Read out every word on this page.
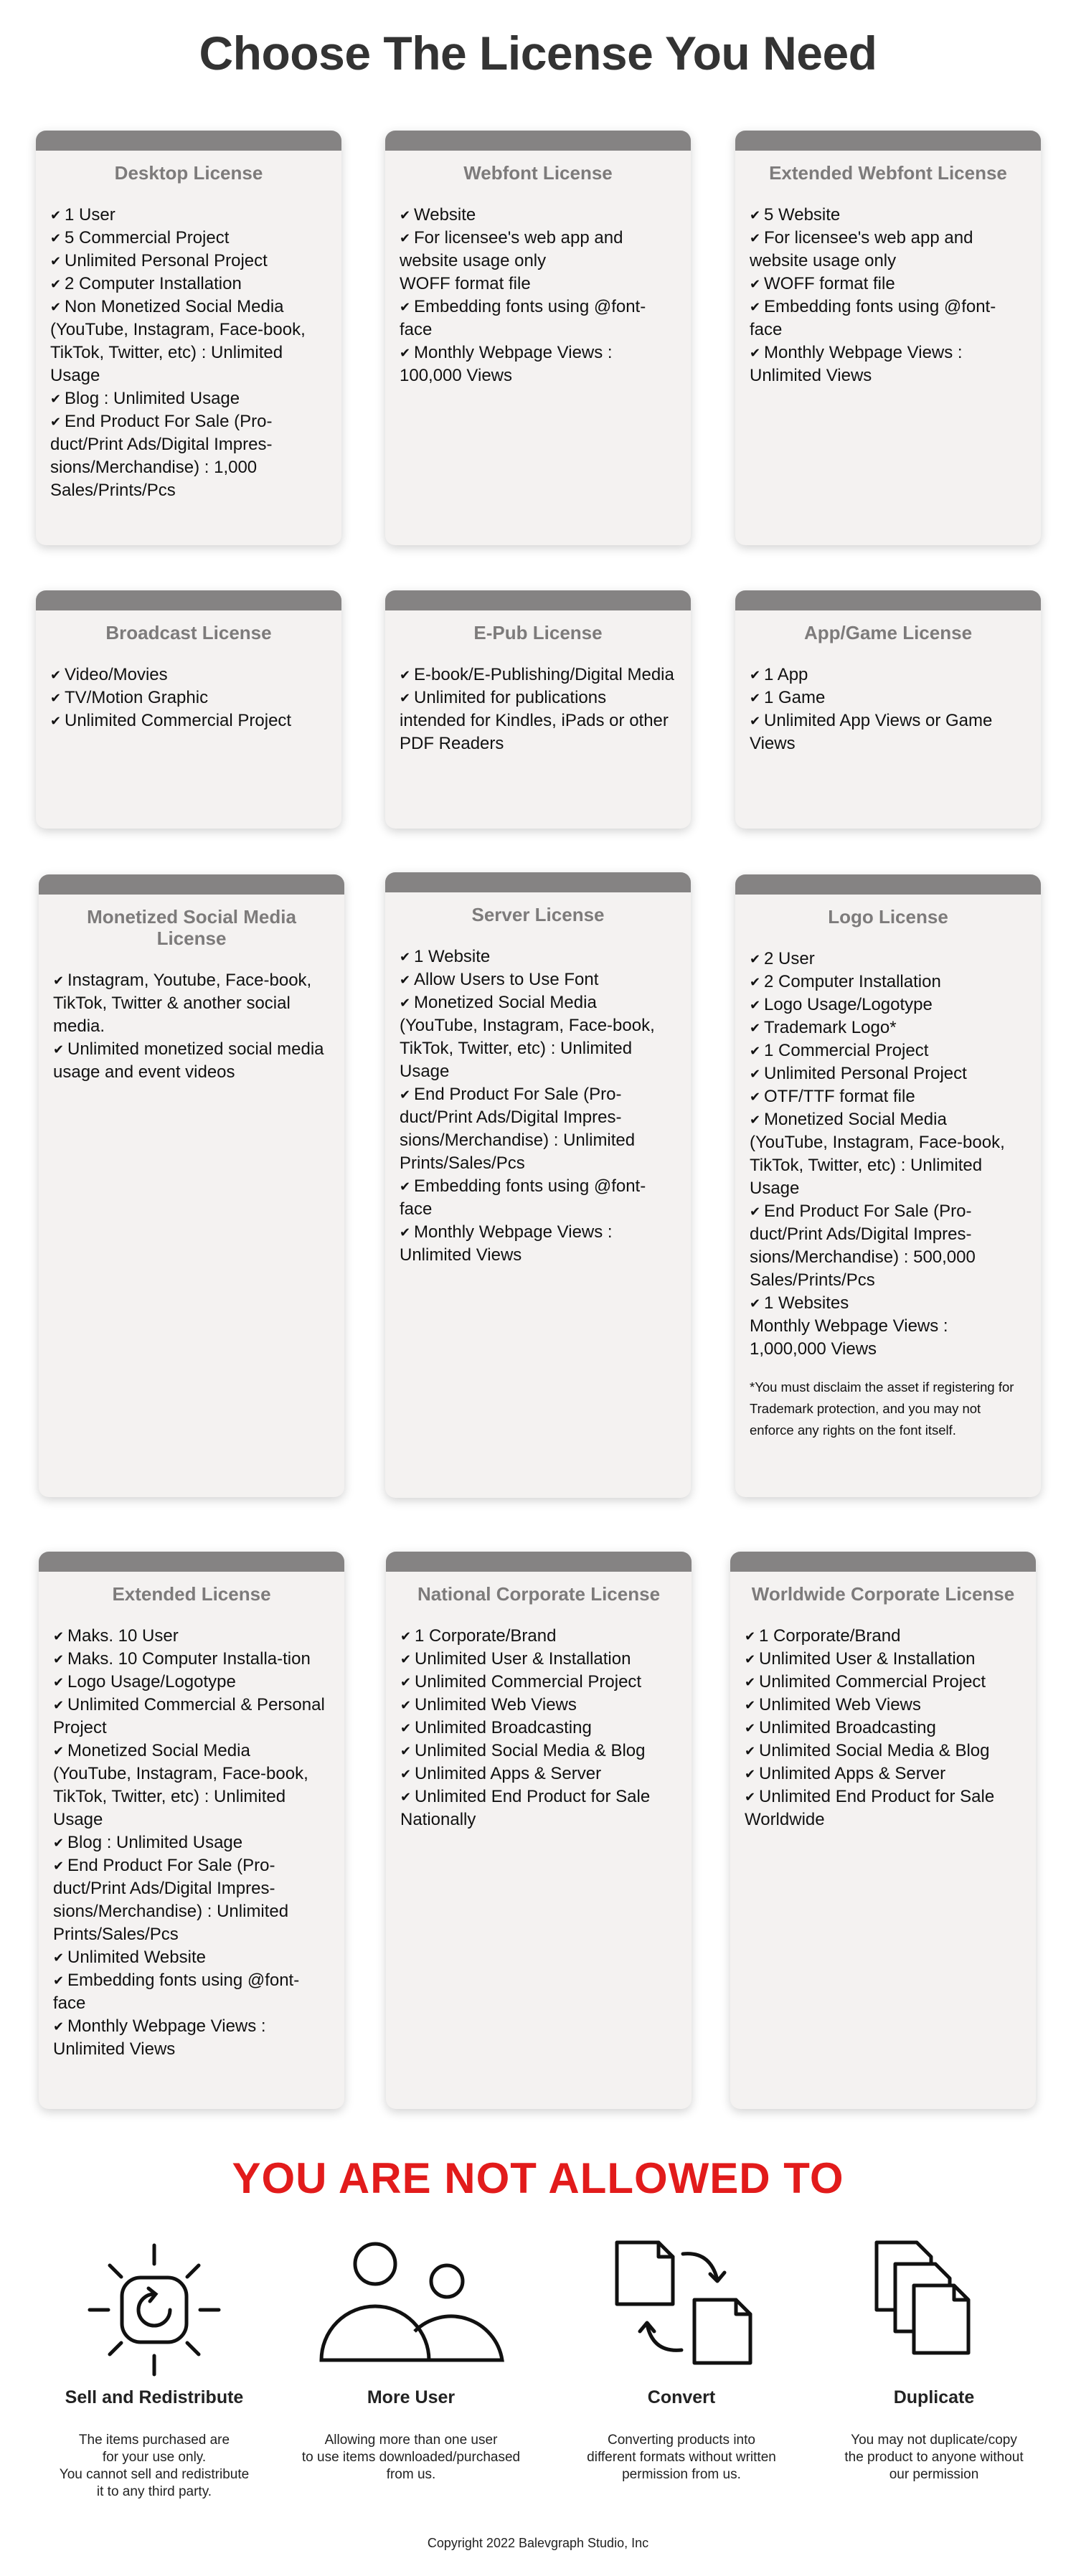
Choose The License You Need
Desktop License
✔ 1 User
✔ 5 Commercial Project
✔ Unlimited Personal Project
✔ 2 Computer Installation
✔ Non Monetized Social Media (YouTube, Instagram, Face-book, TikTok, Twitter, etc) : Unlimited Usage
✔ Blog : Unlimited Usage
✔ End Product For Sale (Pro-duct/Print Ads/Digital Impres-sions/Merchandise) : 1,000
Sales/Prints/Pcs
Webfont License
✔ Website
✔ For licensee's web app and website usage only
WOFF format file
✔ Embedding fonts using @font-face
✔ Monthly Webpage Views : 100,000 Views
Extended Webfont License
✔ 5 Website
✔ For licensee's web app and website usage only
✔ WOFF format file
✔ Embedding fonts using @font-face
✔ Monthly Webpage Views : Unlimited Views
Broadcast License
✔ Video/Movies
✔ TV/Motion Graphic
✔ Unlimited Commercial Project
E-Pub License
✔ E-book/E-Publishing/Digital Media
✔ Unlimited for publications intended for Kindles, iPads or other PDF Readers
App/Game License
✔ 1 App
✔ 1 Game
✔ Unlimited App Views or Game Views
Monetized Social Media License
✔ Instagram, Youtube, Face-book, TikTok, Twitter & another social media.
✔ Unlimited monetized social media usage and event videos
Server License
✔ 1 Website
✔ Allow Users to Use Font
✔ Monetized Social Media (YouTube, Instagram, Face-book, TikTok, Twitter, etc) : Unlimited Usage
✔ End Product For Sale (Pro-duct/Print Ads/Digital Impres-sions/Merchandise) : Unlimited Prints/Sales/Pcs
✔ Embedding fonts using @font-face
✔ Monthly Webpage Views : Unlimited Views
Logo License
✔ 2 User
✔ 2 Computer Installation
✔ Logo Usage/Logotype
✔ Trademark Logo*
✔ 1 Commercial Project
✔ Unlimited Personal Project
✔ OTF/TTF format file
✔ Monetized Social Media (YouTube, Instagram, Face-book, TikTok, Twitter, etc) : Unlimited Usage
✔ End Product For Sale (Pro-duct/Print Ads/Digital Impres-sions/Merchandise) : 500,000 Sales/Prints/Pcs
✔ 1 Websites
Monthly Webpage Views : 1,000,000 Views

*You must disclaim the asset if registering for Trademark protection, and you may not enforce any rights on the font itself.

Extended License
✔ Maks. 10 User
✔ Maks. 10 Computer Installa-tion
✔ Logo Usage/Logotype
✔ Unlimited Commercial & Personal Project
✔ Monetized Social Media (YouTube, Instagram, Face-book, TikTok, Twitter, etc) : Unlimited Usage
✔ Blog : Unlimited Usage
✔ End Product For Sale (Pro-duct/Print Ads/Digital Impres-sions/Merchandise) : Unlimited Prints/Sales/Pcs
✔ Unlimited Website
✔ Embedding fonts using @font-face
✔ Monthly Webpage Views : Unlimited Views
National Corporate License
✔ 1 Corporate/Brand
✔ Unlimited User & Installation
✔ Unlimited Commercial Project
✔ Unlimited Web Views
✔ Unlimited Broadcasting
✔ Unlimited Social Media & Blog
✔ Unlimited Apps & Server
✔ Unlimited End Product for Sale Nationally
Worldwide Corporate License
✔ 1 Corporate/Brand
✔ Unlimited User & Installation
✔ Unlimited Commercial Project
✔ Unlimited Web Views
✔ Unlimited Broadcasting
✔ Unlimited Social Media & Blog
✔ Unlimited Apps & Server
✔ Unlimited End Product for Sale Worldwide
YOU ARE NOT ALLOWED TO
Sell and Redistribute
The items purchased are
for your use only.
You cannot sell and redistribute
it to any third party.
More User
Allowing more than one user
to use items downloaded/purchased
from us.
Convert
Converting products into
different formats without written
permission from us.
Duplicate
You may not duplicate/copy
the product to anyone without
our permission
Copyright 2022 Balevgraph Studio, Inc
